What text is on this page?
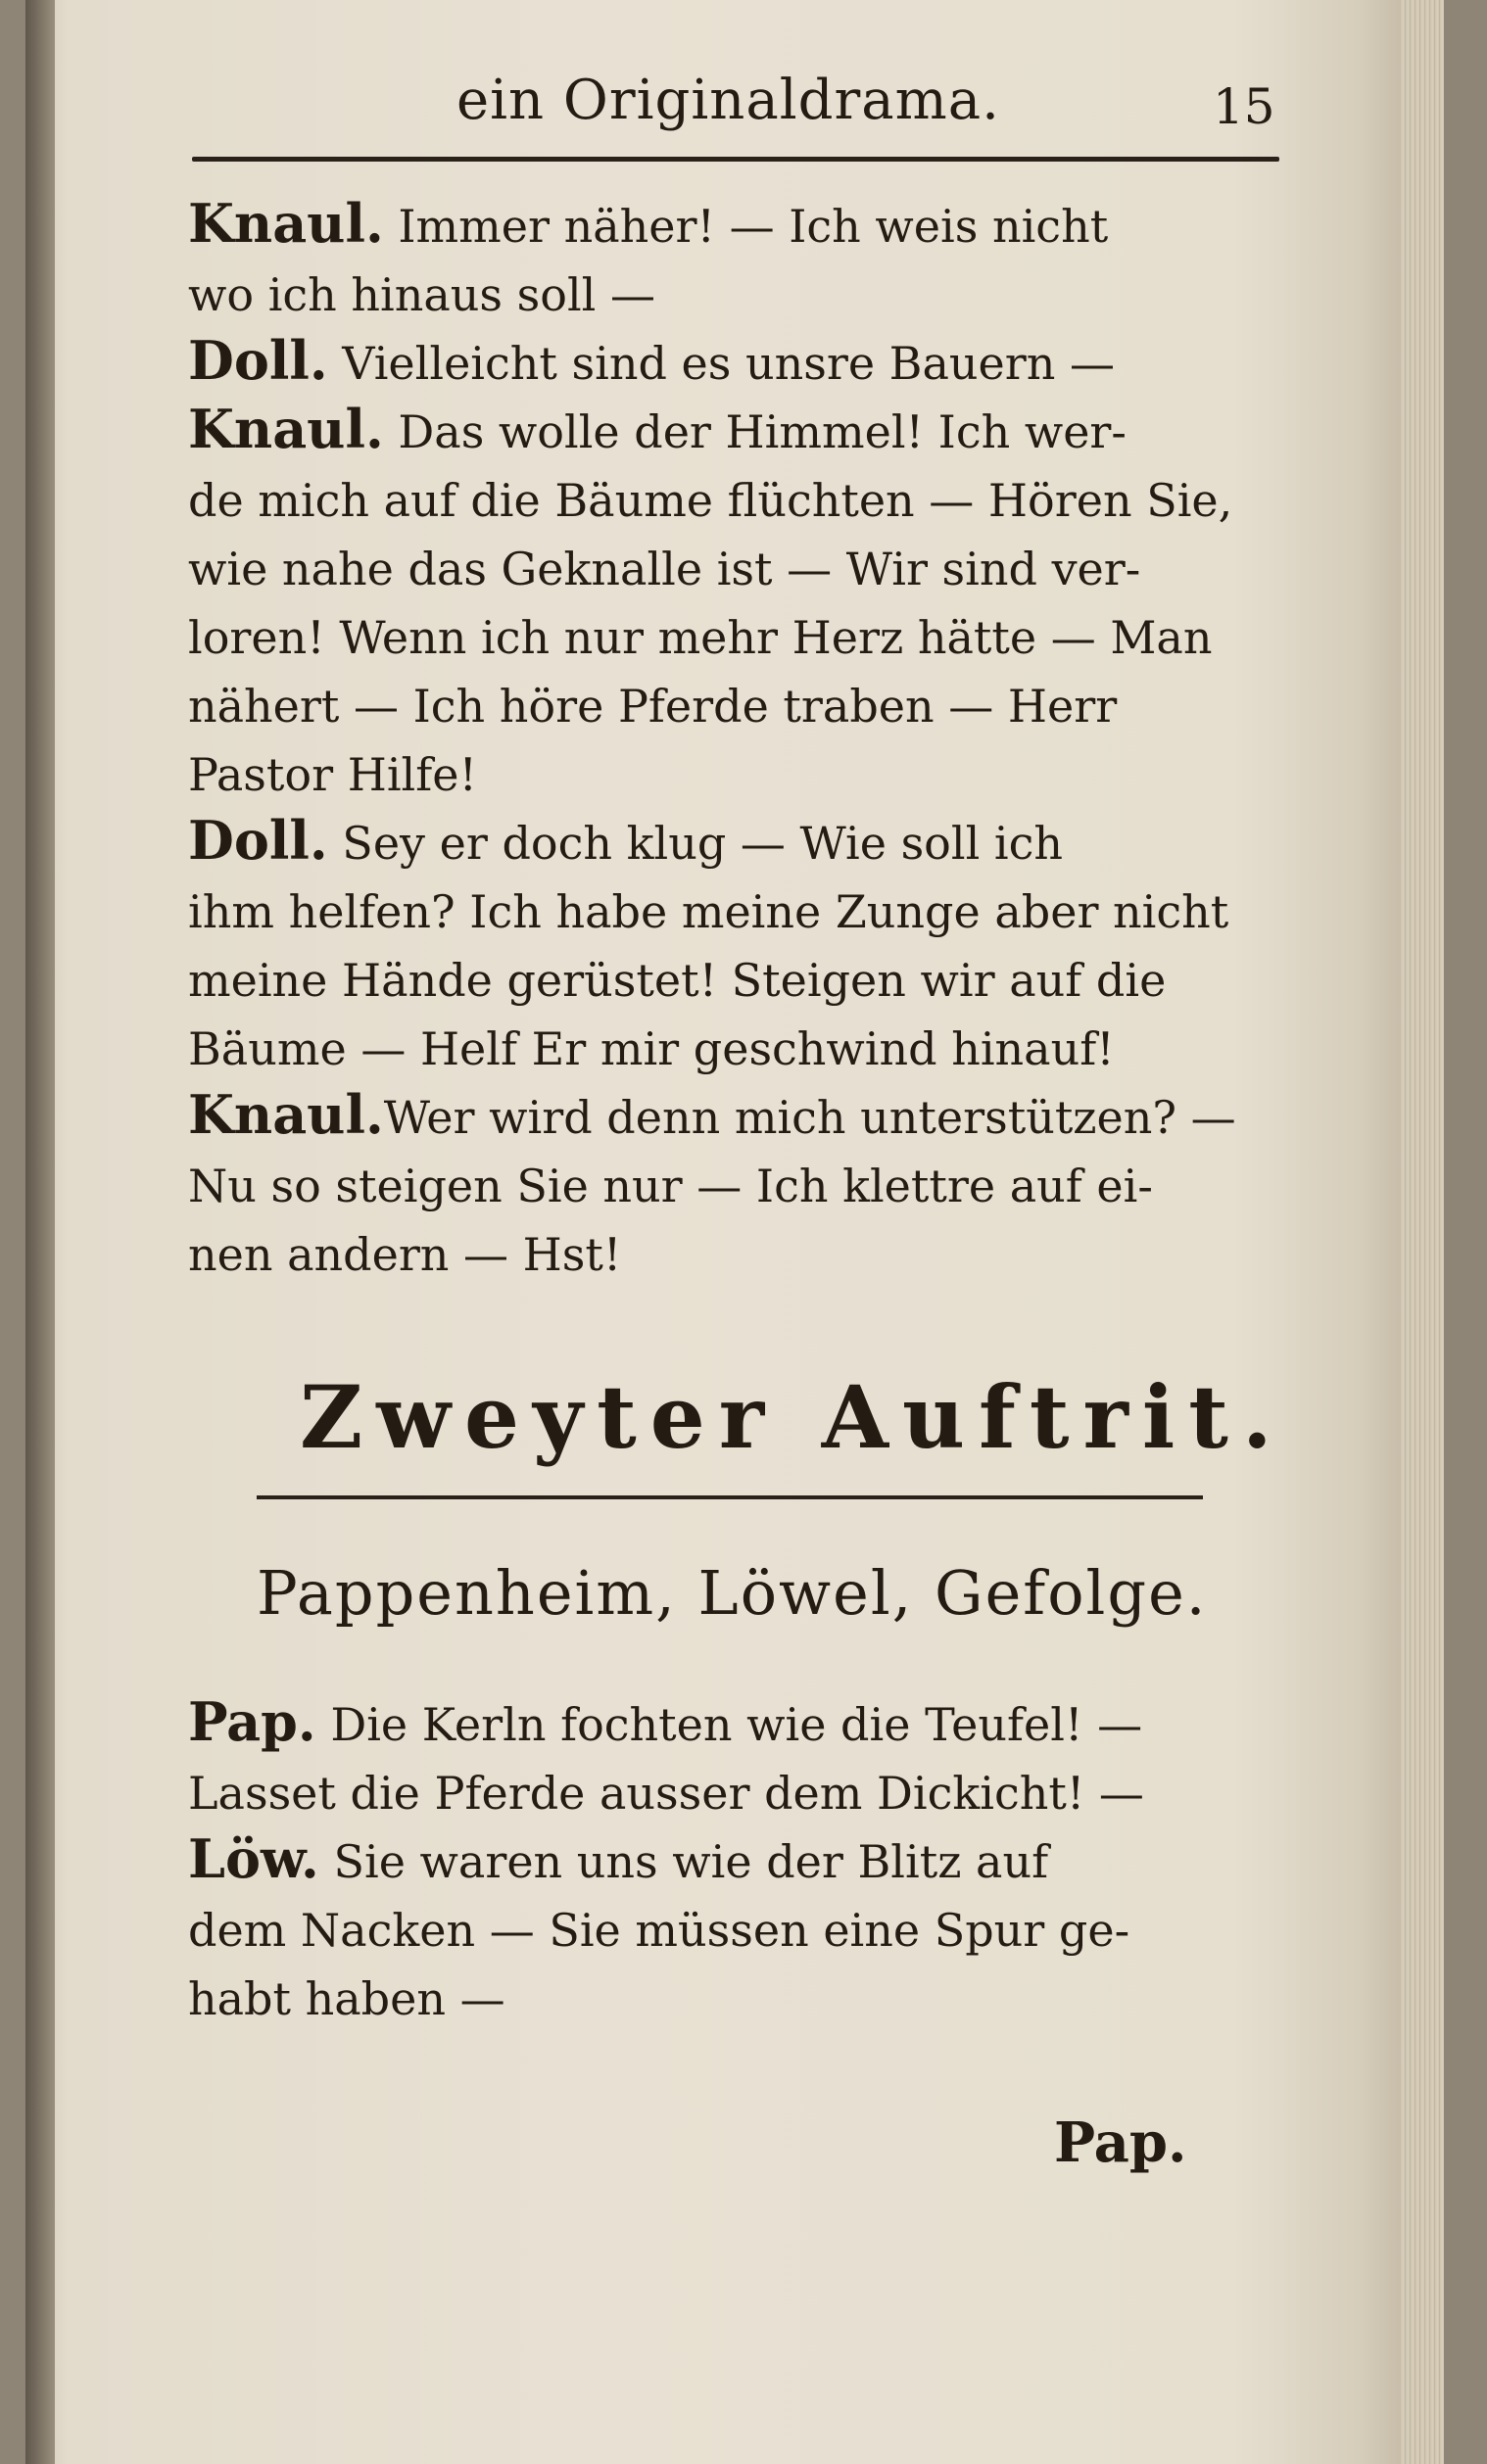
ein Originaldrama.	15
Knaul. Immer näher! — Ich weis nicht
wo ich hinaus soll —
Doll. Vielleicht sind es unsre Bauern —
Knaul. Das wolle der Himmel! Ich wer-
de mich auf die Bäume flüchten — Hören Sie,
wie nahe das Geknalle ist — Wir sind ver-
loren! Wenn ich nur mehr Herz hätte — Man
nähert — Ich höre Pferde traben — Herr
Pastor Hilfe!
Doll. Sey er doch klug — Wie soll ich
ihm helfen? Ich habe meine Zunge aber nicht
meine Hände gerüstet! Steigen wir auf die
Bäume — Helf Er mir geschwind hinauf!
Knaul.Wer wird denn mich unterstützen? —
Nu so steigen Sie nur — Ich klettre auf ei-
nen andern — Hst!
Zweyter Auftrit.
Pappenheim, Löwel, Gefolge.
Pap. Die Kerln fochten wie die Teufel! —
Lasset die Pferde ausser dem Dickicht! —
Löw. Sie waren uns wie der Blitz auf
dem Nacken — Sie müssen eine Spur ge-
habt haben —
Pap.
